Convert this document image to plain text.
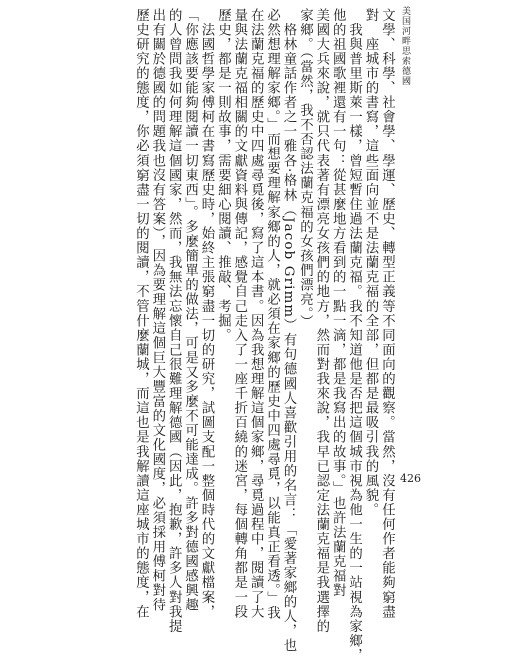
美国河畔思索德國
文學、科學、社會學、學運、歷史、轉型正義等不同面向的觀察。當然，沒有任何作者能夠窮盡
對　座城市的書寫，這些面向並不是法蘭克福的全部，但都是最吸引我的風貌。
　我與普里斯萊一樣，曾短暫住過法蘭克福。我不知道他是否把這個城市視為他一生的一站視為家鄉，
他的祖國歌裡還有一句：從甚麼地方看到的一點一滴，都是我寫出的故事。」也許法蘭克福對
美國大兵來說，就只代表著有漂亮女孩們的地方，然而對我來說，我早已認定法蘭克福是我選擇的
家鄉。（當然，我不否認法蘭克福的女孩們漂亮。）
　格林童話作者之一雅各‧格林（Jacob Grimm）有句德國人喜歡引用的名言：「愛著家鄉的人，也
必然想理解家鄉。」而想要理解家鄉的人，就必須在家鄉的歷史中四處尋覓，以能真正看透。」我
在法蘭克福的歷史中四處尋覓後，寫了這本書。因為我想理解這個家鄉，尋覓過程中，閱讀了大
量與法蘭克福相關的文獻資料與傳記，感覺自己走入了一座千折百繞的迷宮，每個轉角都是一段
歷史，都是一則故事，需要細心閱讀、推敲、考掘。
　法國哲學家傅柯在書寫歷史時，始終主張窮盡一切的研究，試圖支配一整個時代的文獻檔案，
「你應該要能夠閱讀一切東西」。多麼簡單的做法，可是又多麼不可能達成。許多對德國感興趣
的人曾問我如何理解這個國家，然而，我無法忘懷自己很難理解德國（因此，抱歉，許多人對我提
出有關於德國的問題我也沒有答案），因為要理解這個巨大豐富的文化國度，必須採用傅柯對待
歷史研究的態度，你必須窮盡一切的閱讀，不管什麼蘭城，而這也是我解讀這座城市的態度，在	426
